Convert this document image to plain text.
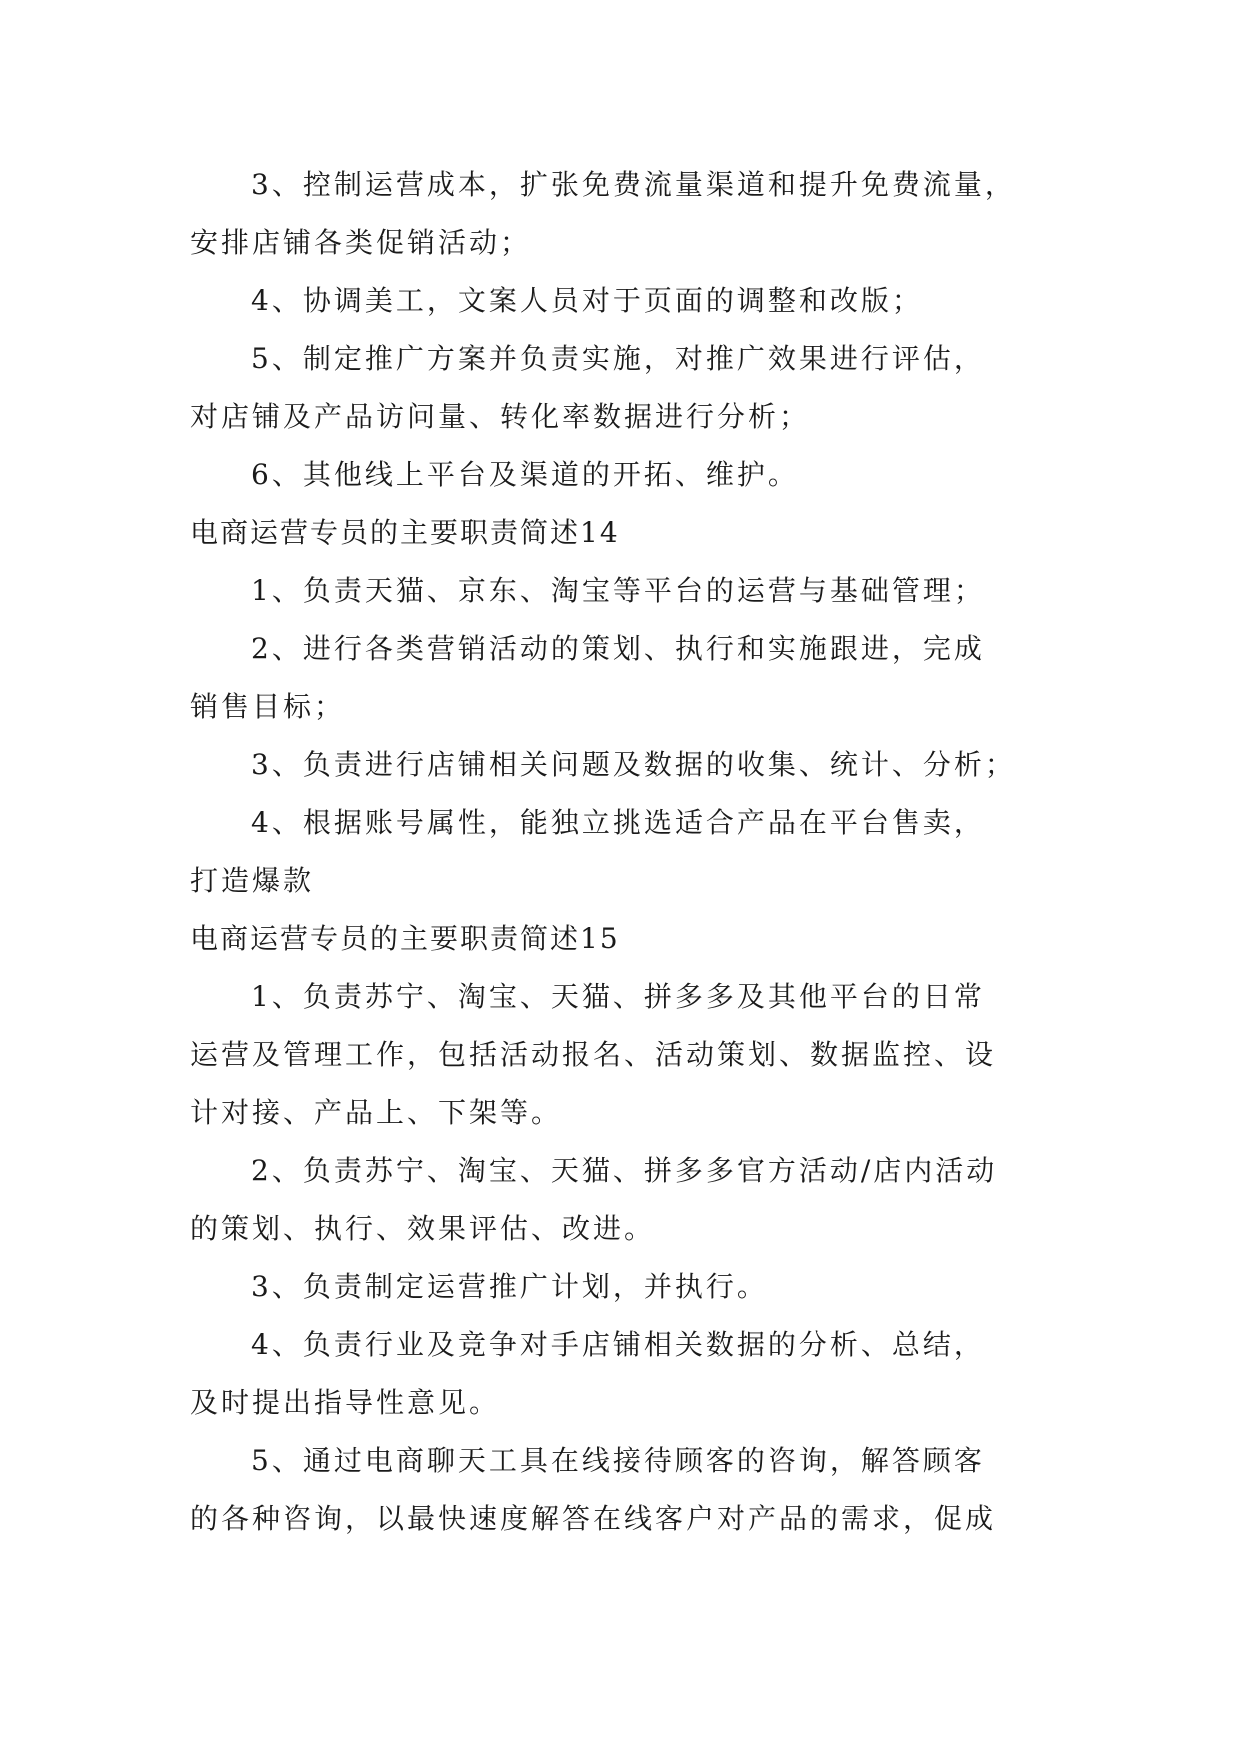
3、控制运营成本，扩张免费流量渠道和提升免费流量，
安排店铺各类促销活动；
4、协调美工，文案人员对于页面的调整和改版；
5、制定推广方案并负责实施，对推广效果进行评估，
对店铺及产品访问量、转化率数据进行分析；
6、其他线上平台及渠道的开拓、维护。
电商运营专员的主要职责简述14
1、负责天猫、京东、淘宝等平台的运营与基础管理；
2、进行各类营销活动的策划、执行和实施跟进，完成
销售目标；
3、负责进行店铺相关问题及数据的收集、统计、分析；
4、根据账号属性，能独立挑选适合产品在平台售卖，
打造爆款
电商运营专员的主要职责简述15
1、负责苏宁、淘宝、天猫、拼多多及其他平台的日常
运营及管理工作，包括活动报名、活动策划、数据监控、设
计对接、产品上、下架等。
2、负责苏宁、淘宝、天猫、拼多多官方活动/店内活动
的策划、执行、效果评估、改进。
3、负责制定运营推广计划，并执行。
4、负责行业及竞争对手店铺相关数据的分析、总结，
及时提出指导性意见。
5、通过电商聊天工具在线接待顾客的咨询，解答顾客
的各种咨询，以最快速度解答在线客户对产品的需求，促成
